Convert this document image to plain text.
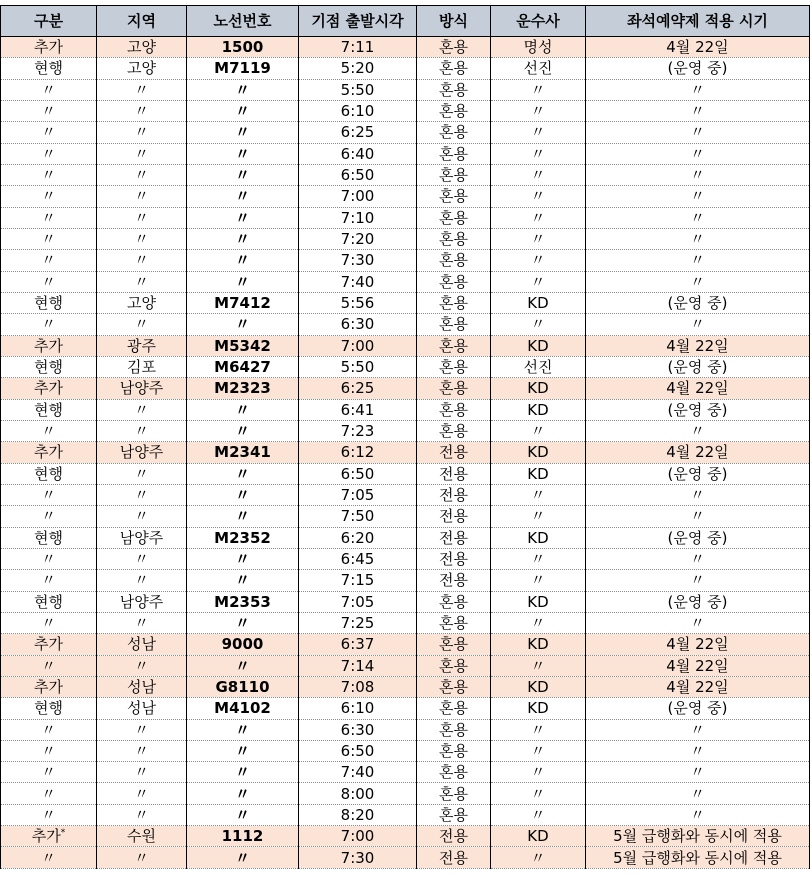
구분	지역	노선번호	기점 출발시각	방식	운수사	좌석예약제 적용 시기
추가	고양	1500	7:11	혼용	명성	4월 22일
현행	고양	M7119	5:20	혼용	선진	(운영 중)
〃	〃	〃	5:50	혼용	〃	〃
〃	〃	〃	6:10	혼용	〃	〃
〃	〃	〃	6:25	혼용	〃	〃
〃	〃	〃	6:40	혼용	〃	〃
〃	〃	〃	6:50	혼용	〃	〃
〃	〃	〃	7:00	혼용	〃	〃
〃	〃	〃	7:10	혼용	〃	〃
〃	〃	〃	7:20	혼용	〃	〃
〃	〃	〃	7:30	혼용	〃	〃
〃	〃	〃	7:40	혼용	〃	〃
현행	고양	M7412	5:56	혼용	KD	(운영 중)
〃	〃	〃	6:30	혼용	〃	〃
추가	광주	M5342	7:00	혼용	KD	4월 22일
현행	김포	M6427	5:50	혼용	선진	(운영 중)
추가	남양주	M2323	6:25	혼용	KD	4월 22일
현행	〃	〃	6:41	혼용	KD	(운영 중)
〃	〃	〃	7:23	혼용	〃	〃
추가	남양주	M2341	6:12	전용	KD	4월 22일
현행	〃	〃	6:50	전용	KD	(운영 중)
〃	〃	〃	7:05	전용	〃	〃
〃	〃	〃	7:50	전용	〃	〃
현행	남양주	M2352	6:20	전용	KD	(운영 중)
〃	〃	〃	6:45	전용	〃	〃
〃	〃	〃	7:15	전용	〃	〃
현행	남양주	M2353	7:05	혼용	KD	(운영 중)
〃	〃	〃	7:25	혼용	〃	〃
추가	성남	9000	6:37	혼용	KD	4월 22일
〃	〃	〃	7:14	혼용	〃	4월 22일
추가	성남	G8110	7:08	혼용	KD	4월 22일
현행	성남	M4102	6:10	혼용	KD	(운영 중)
〃	〃	〃	6:30	혼용	〃	〃
〃	〃	〃	6:50	혼용	〃	〃
〃	〃	〃	7:40	혼용	〃	〃
〃	〃	〃	8:00	혼용	〃	〃
〃	〃	〃	8:20	혼용	〃	〃
추가*	수원	1112	7:00	전용	KD	5월 급행화와 동시에 적용
〃	〃	〃	7:30	전용	〃	5월 급행화와 동시에 적용
